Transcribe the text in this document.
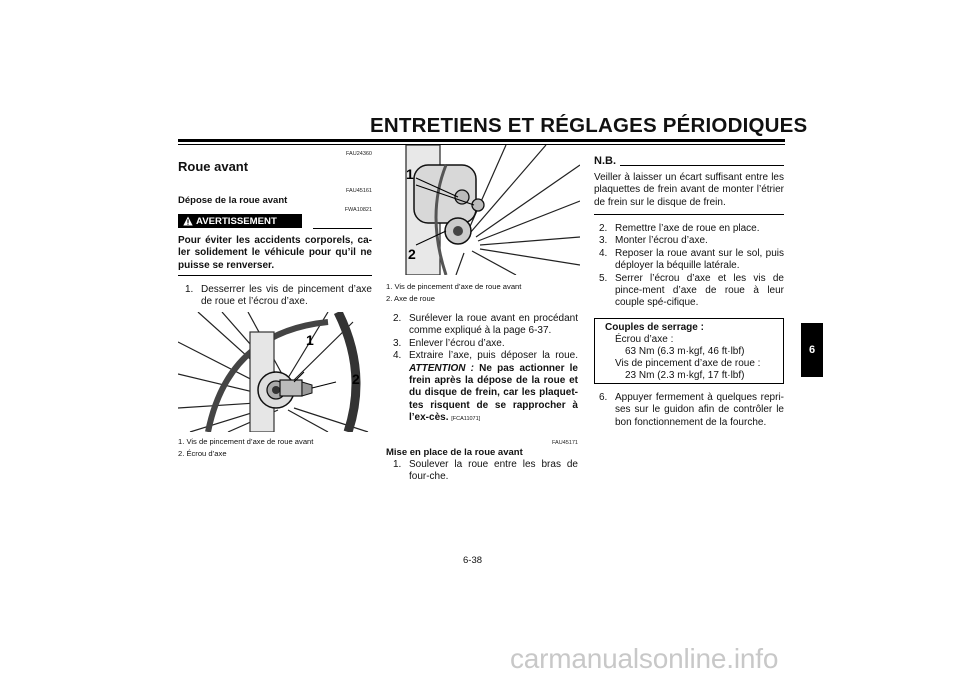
ENTRETIENS ET RÉGLAGES PÉRIODIQUES
FAU24360
Roue avant
FAU45161
Dépose de la roue avant
FWA10821
AVERTISSEMENT
Pour éviter les accidents corporels, ca-ler solidement le véhicule pour qu’il ne puisse se renverser.
1. Desserrer les vis de pincement d’axe de roue et l’écrou d’axe.
1
2
1. Vis de pincement d’axe de roue avant
2. Écrou d’axe
1
2
1. Vis de pincement d’axe de roue avant
2. Axe de roue
2. Surélever la roue avant en procédant comme expliqué à la page 6-37.
3. Enlever l’écrou d’axe.
4. Extraire l’axe, puis déposer la roue. ATTENTION : Ne pas actionner le frein après la dépose de la roue et du disque de frein, car les plaquet-tes risquent de se rapprocher à l’ex-cès. [FCA11071]
FAU45171
Mise en place de la roue avant
1. Soulever la roue entre les bras de four-che.
N.B.
Veiller à laisser un écart suffisant entre les plaquettes de frein avant de monter l’étrier de frein sur le disque de frein.
2. Remettre l’axe de roue en place.
3. Monter l’écrou d’axe.
4. Reposer la roue avant sur le sol, puis déployer la béquille latérale.
5. Serrer l’écrou d’axe et les vis de pince-ment d’axe de roue à leur couple spé-cifique.
Couples de serrage :
Écrou d’axe :
63 Nm (6.3 m·kgf, 46 ft·lbf)
Vis de pincement d’axe de roue :
23 Nm (2.3 m·kgf, 17 ft·lbf)
6. Appuyer fermement à quelques repri-ses sur le guidon afin de contrôler le bon fonctionnement de la fourche.
6
6-38
carmanualsonline.info
